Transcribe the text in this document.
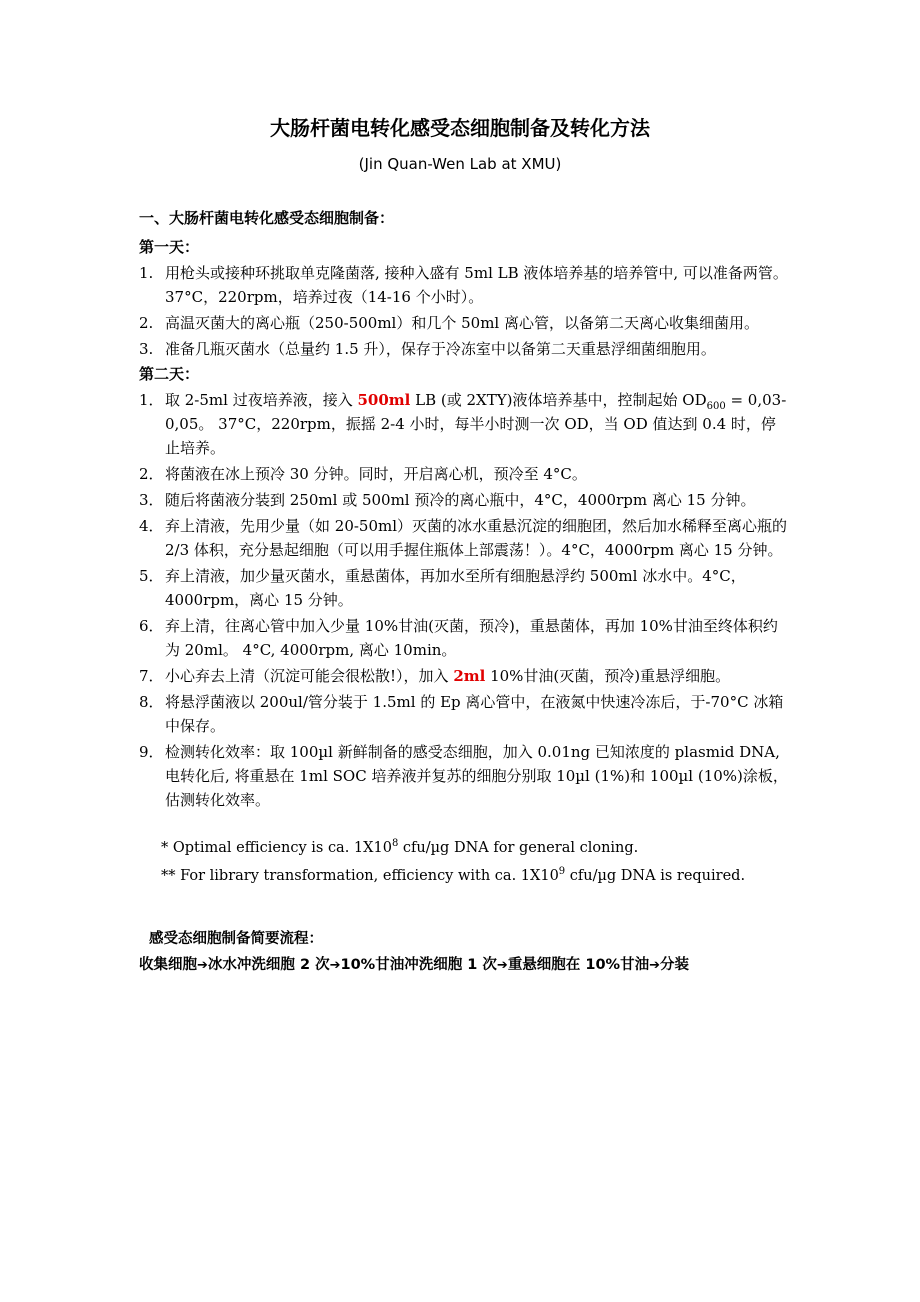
大肠杆菌电转化感受态细胞制备及转化方法
(Jin Quan-Wen Lab at XMU)
一、大肠杆菌电转化感受态细胞制备：
第一天：
1. 用枪头或接种环挑取单克隆菌落, 接种入盛有 5ml LB 液体培养基的培养管中, 可以准备两管。37°C，220rpm，培养过夜（14-16 个小时）。
2. 高温灭菌大的离心瓶（250-500ml）和几个 50ml 离心管，以备第二天离心收集细菌用。
3. 准备几瓶灭菌水（总量约 1.5 升），保存于冷冻室中以备第二天重悬浮细菌细胞用。
第二天：
1． 取 2-5ml 过夜培养液，接入 500ml LB (或 2XTY)液体培养基中，控制起始 $OD_{600} = 0,03-0,05$。 37°C，220rpm，振摇 2-4 小时，每半小时测一次 OD，当 OD 值达到 0.4 时，停止培养。
2． 将菌液在冰上预冷 30 分钟。同时，开启离心机，预冷至 4°C。
3． 随后将菌液分装到 250ml 或 500ml 预冷的离心瓶中，4°C，4000rpm 离心 15 分钟。
4． 弃上清液，先用少量（如 20-50ml）灭菌的冰水重悬沉淀的细胞团，然后加水稀释至离心瓶的 2/3 体积，充分悬起细胞（可以用手握住瓶体上部震荡！）。4°C，4000rpm 离心 15 分钟。
5． 弃上清液，加少量灭菌水，重悬菌体，再加水至所有细胞悬浮约 500ml 冰水中。4°C，4000rpm，离心 15 分钟。
6． 弃上清，往离心管中加入少量 10%甘油(灭菌，预冷)，重悬菌体，再加 10%甘油至终体积约为 20ml。 4°C, 4000rpm, 离心 10min。
7． 小心弃去上清（沉淀可能会很松散!），加入 2ml 10%甘油(灭菌，预冷)重悬浮细胞。
8． 将悬浮菌液以 200ul/管分装于 1.5ml 的 Ep 离心管中，在液氮中快速冷冻后，于-70°C 冰箱中保存。
9． 检测转化效率：取 100µl 新鲜制备的感受态细胞，加入 0.01ng 已知浓度的 plasmid DNA, 电转化后, 将重悬在 1ml SOC 培养液并复苏的细胞分别取 10µl (1%)和 100µl (10%)涂板，估测转化效率。
* Optimal efficiency is ca. $1X10^8$ cfu/µg DNA for general cloning.
** For library transformation, efficiency with ca. $1X10^9$ cfu/µg DNA is required.
感受态细胞制备简要流程：
收集细胞➔冰水冲洗细胞 2 次➔10%甘油冲洗细胞 1 次➔重悬细胞在 10%甘油➔分装
